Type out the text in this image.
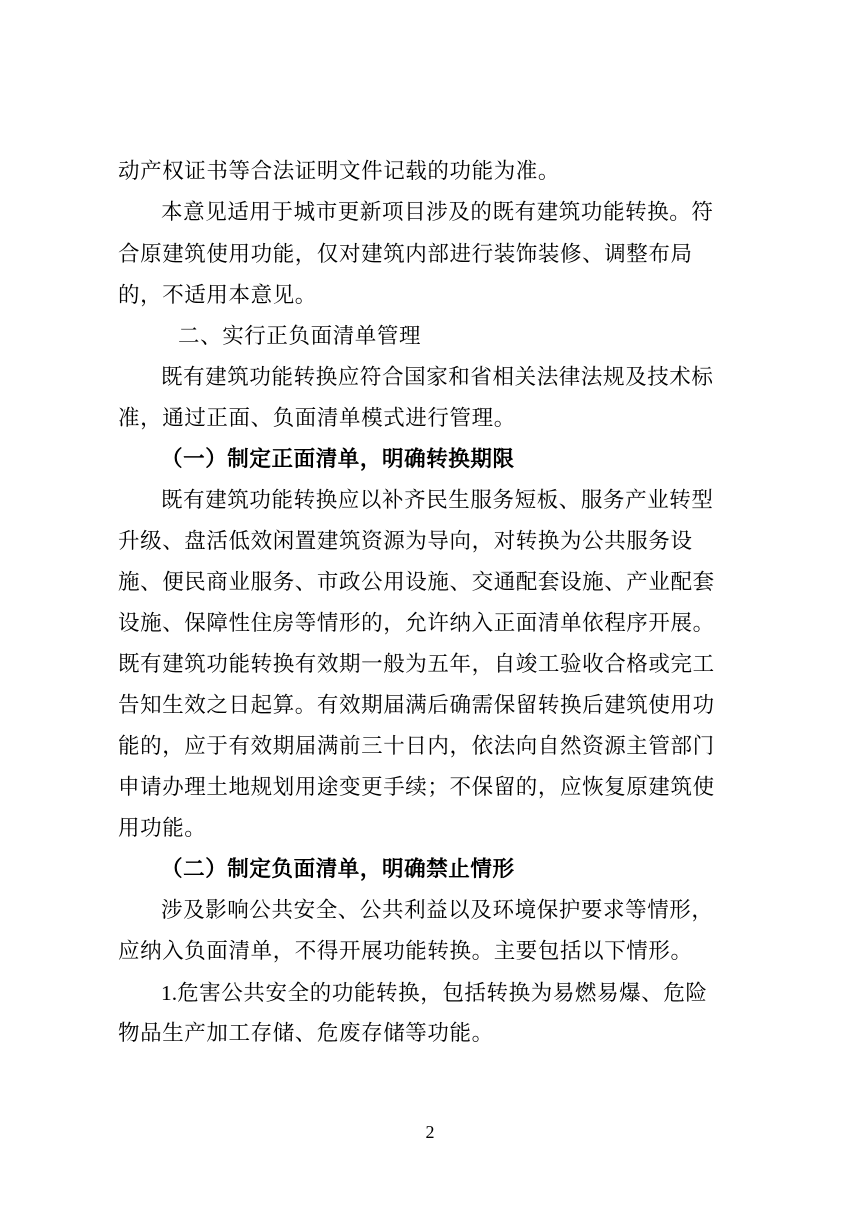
动产权证书等合法证明文件记载的功能为准。
本意见适用于城市更新项目涉及的既有建筑功能转换。符
合原建筑使用功能，仅对建筑内部进行装饰装修、调整布局
的，不适用本意见。
二、实行正负面清单管理
既有建筑功能转换应符合国家和省相关法律法规及技术标
准，通过正面、负面清单模式进行管理。
（一）制定正面清单，明确转换期限
既有建筑功能转换应以补齐民生服务短板、服务产业转型
升级、盘活低效闲置建筑资源为导向，对转换为公共服务设
施、便民商业服务、市政公用设施、交通配套设施、产业配套
设施、保障性住房等情形的，允许纳入正面清单依程序开展。
既有建筑功能转换有效期一般为五年，自竣工验收合格或完工
告知生效之日起算。有效期届满后确需保留转换后建筑使用功
能的，应于有效期届满前三十日内，依法向自然资源主管部门
申请办理土地规划用途变更手续；不保留的，应恢复原建筑使
用功能。
（二）制定负面清单，明确禁止情形
涉及影响公共安全、公共利益以及环境保护要求等情形，
应纳入负面清单，不得开展功能转换。主要包括以下情形。
1.危害公共安全的功能转换，包括转换为易燃易爆、危险
物品生产加工存储、危废存储等功能。
2
